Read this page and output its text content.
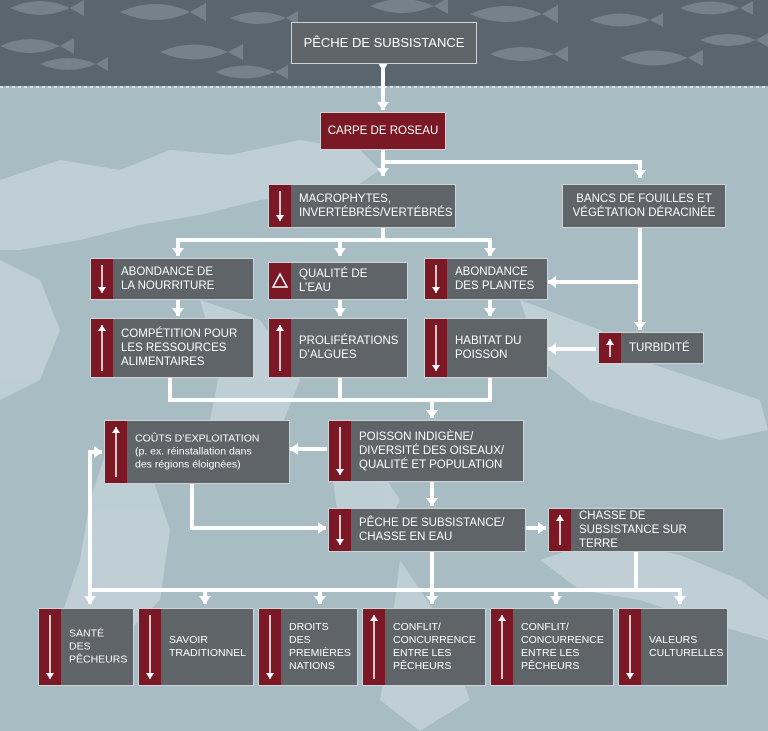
PÊCHE DE SUBSISTANCE
CARPE DE ROSEAU
MACROPHYTES,
INVERTÉBRÉS/VERTÉBRÉS
BANCS DE FOUILLES ET
VÉGÉTATION DÉRACINÉE
ABONDANCE DE
LA NOURRITURE
QUALITÉ DE L’EAU
ABONDANCE
DES PLANTES
COMPÉTITION POUR
LES RESSOURCES
ALIMENTAIRES
PROLIFÉRATIONS
D’ALGUES
HABITAT DU
POISSON
TURBIDITÉ
COÛTS D’EXPLOITATION
(p. ex. réinstallation dans
des régions éloignées)
POISSON INDIGÈNE/
DIVERSITÉ DES OISEAUX/
QUALITÉ ET POPULATION
PÊCHE DE SUBSISTANCE/
CHASSE EN EAU
CHASSE DE
SUBSISTANCE SUR TERRE
SANTÉ
DES
PÊCHEURS
SAVOIR
TRADITIONNEL
DROITS
DES
PREMIÈRES
NATIONS
CONFLIT/
CONCURRENCE
ENTRE LES
PÊCHEURS
CONFLIT/
CONCURRENCE
ENTRE LES
PÊCHEURS
VALEURS
CULTURELLES
